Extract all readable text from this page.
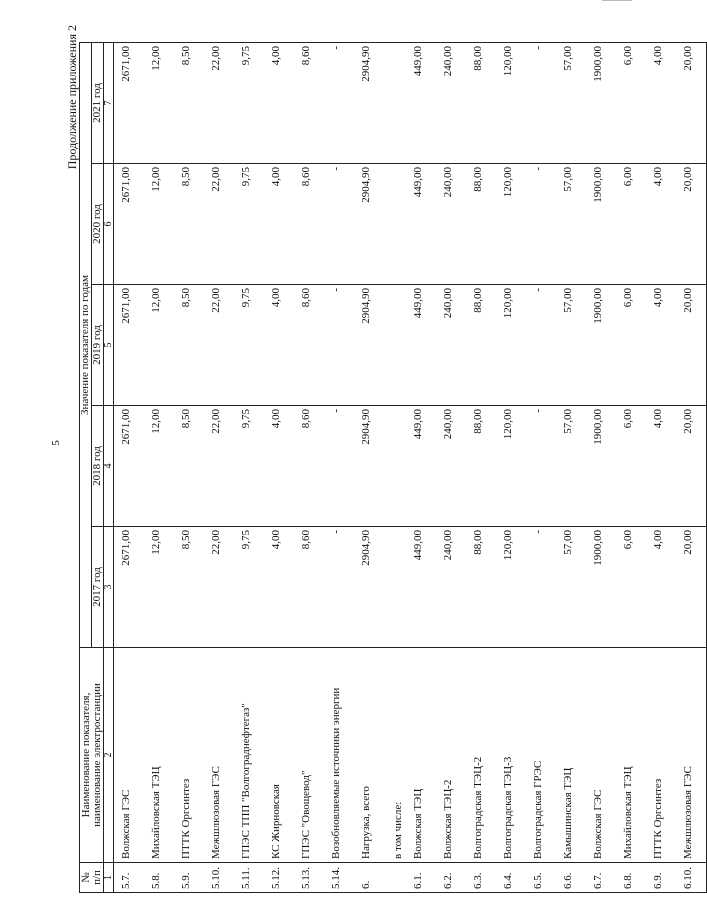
5
Продолжение приложения 2
№
п/п	Наименование показателя,
наименование электростанции	Значение показателя по годам				
		2017 год	2018 год	2019 год	2020 год	2021 год
1	2	3	4	5	6	7
5.7.	Волжская ГЭС	2671,00	2671,00	2671,00	2671,00	2671,00
5.8.	Михайловская ТЭЦ	12,00	12,00	12,00	12,00	12,00
5.9.	ПТТК Оргсинтез	8,50	8,50	8,50	8,50	8,50
5.10.	Межшлюзовая ГЭС	22,00	22,00	22,00	22,00	22,00
5.11.	ГПЭС ТПП "Волгограднефтегаз"	9,75	9,75	9,75	9,75	9,75
5.12.	КС Жирновская	4,00	4,00	4,00	4,00	4,00
5.13.	ГПЭС "Овощевод"	8,60	8,60	8,60	8,60	8,60
5.14.	Возобновляемые источники энергии	-	-	-	-	-
6.	Нагрузка, всего	2904,90	2904,90	2904,90	2904,90	2904,90
	в том числе:					
6.1.	Волжская ТЭЦ	449,00	449,00	449,00	449,00	449,00
6.2.	Волжская ТЭЦ-2	240,00	240,00	240,00	240,00	240,00
6.3.	Волгоградская ТЭЦ-2	88,00	88,00	88,00	88,00	88,00
6.4.	Волгоградская ТЭЦ-3	120,00	120,00	120,00	120,00	120,00
6.5.	Волгоградская ГРЭС	-	-	-	-	-
6.6.	Камышинская ТЭЦ	57,00	57,00	57,00	57,00	57,00
6.7.	Волжская ГЭС	1900,00	1900,00	1900,00	1900,00	1900,00
6.8.	Михайловская ТЭЦ	6,00	6,00	6,00	6,00	6,00
6.9.	ПТТК Оргсинтез	4,00	4,00	4,00	4,00	4,00
6.10.	Межшлюзовая ГЭС	20,00	20,00	20,00	20,00	20,00
